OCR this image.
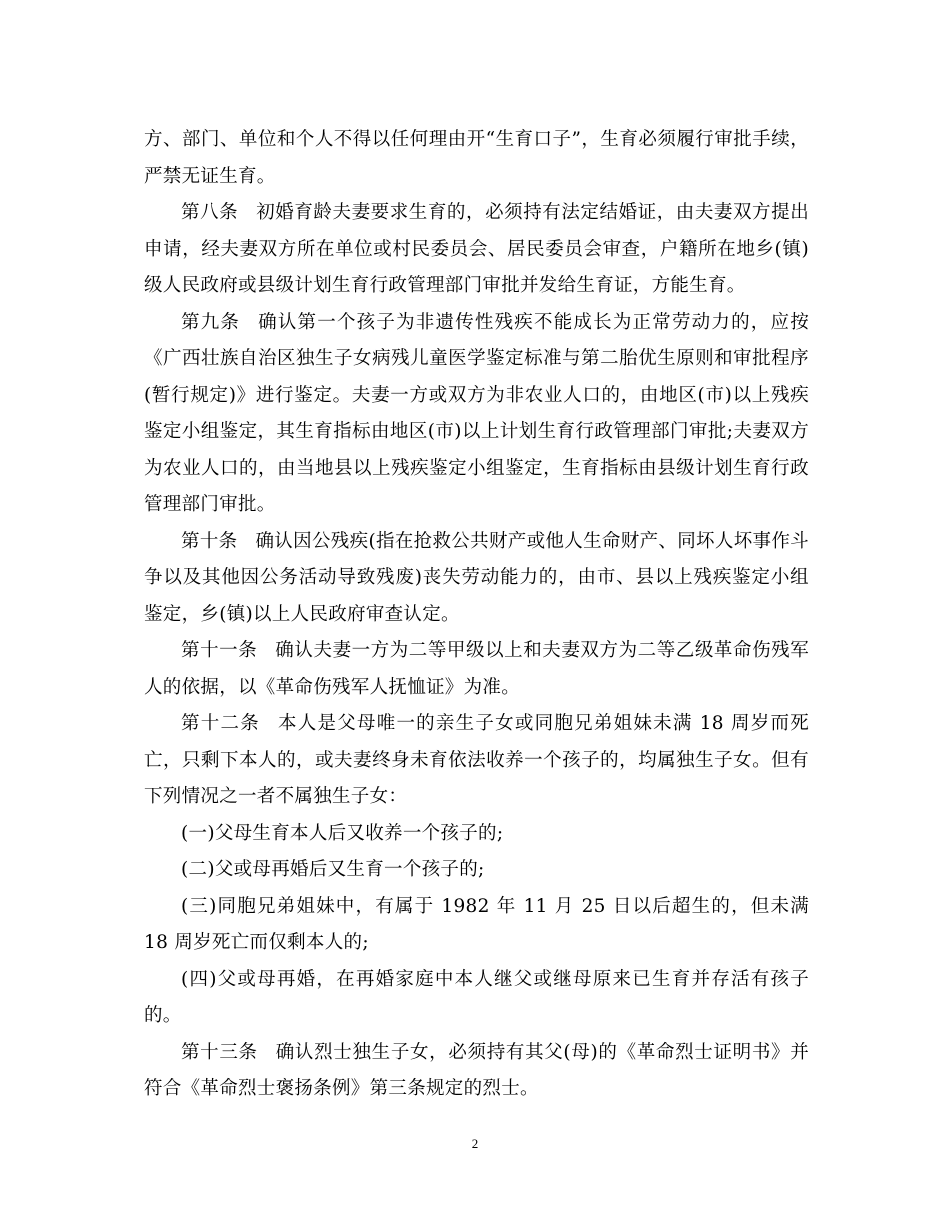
方、部门、单位和个人不得以任何理由开“生育口子”，生育必须履行审批手续，严禁无证生育。

第八条 初婚育龄夫妻要求生育的，必须持有法定结婚证，由夫妻双方提出申请，经夫妻双方所在单位或村民委员会、居民委员会审查，户籍所在地乡(镇)级人民政府或县级计划生育行政管理部门审批并发给生育证，方能生育。

第九条 确认第一个孩子为非遗传性残疾不能成长为正常劳动力的，应按《广西壮族自治区独生子女病残儿童医学鉴定标准与第二胎优生原则和审批程序(暂行规定)》进行鉴定。夫妻一方或双方为非农业人口的，由地区(市)以上残疾鉴定小组鉴定，其生育指标由地区(市)以上计划生育行政管理部门审批;夫妻双方为农业人口的，由当地县以上残疾鉴定小组鉴定，生育指标由县级计划生育行政管理部门审批。

第十条 确认因公残疾(指在抢救公共财产或他人生命财产、同坏人坏事作斗争以及其他因公务活动导致残废)丧失劳动能力的，由市、县以上残疾鉴定小组鉴定，乡(镇)以上人民政府审查认定。

第十一条 确认夫妻一方为二等甲级以上和夫妻双方为二等乙级革命伤残军人的依据，以《革命伤残军人抚恤证》为准。

第十二条 本人是父母唯一的亲生子女或同胞兄弟姐妹未满 18 周岁而死亡，只剩下本人的，或夫妻终身未育依法收养一个孩子的，均属独生子女。但有下列情况之一者不属独生子女：

(一)父母生育本人后又收养一个孩子的;

(二)父或母再婚后又生育一个孩子的;

(三)同胞兄弟姐妹中，有属于 1982 年 11 月 25 日以后超生的，但未满 18 周岁死亡而仅剩本人的;

(四)父或母再婚，在再婚家庭中本人继父或继母原来已生育并存活有孩子的。

第十三条 确认烈士独生子女，必须持有其父(母)的《革命烈士证明书》并符合《革命烈士褒扬条例》第三条规定的烈士。

2
